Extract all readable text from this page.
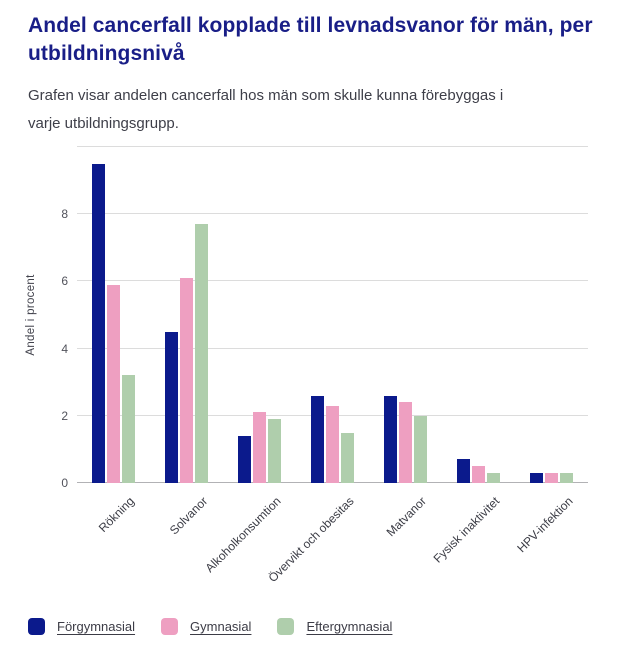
Andel cancerfall kopplade till levnadsvanor för män, per utbildningsnivå

Grafen visar andelen cancerfall hos män som skulle kunna förebyggas i varje utbildningsgrupp.

Andel i procent
0
2
4
6
8
Rökning Solvanor
Alkoholkonsumtion
Övervikt och obesitas Matvanor Fysisk inaktivitet HPV-infektion
Förgymnasial	Gymnasial	Eftergymnasial
